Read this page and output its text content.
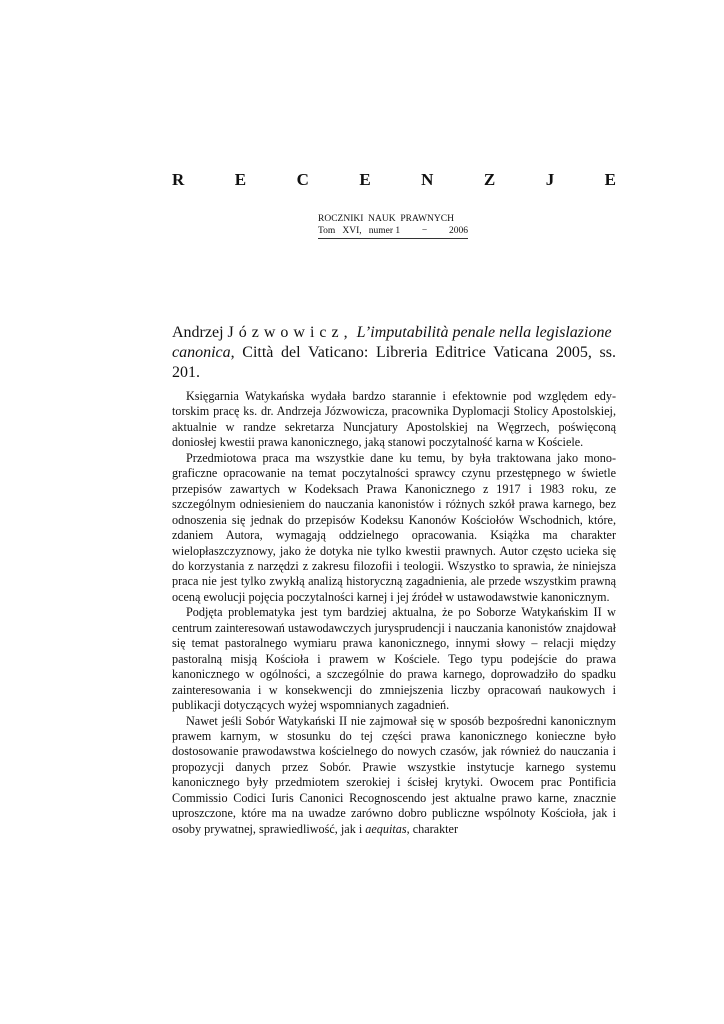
R	E	C	E	N	Z	J	E
ROCZNIKI  NAUK  PRAWNYCH
Tom   XVI,   numer 1 − 2006
Andrzej Józwowicz, L’imputabilità penale nella legislazione
canonica, Città del Vaticano: Libreria Editrice Vaticana 2005, ss. 201.

Księgarnia Watykańska wydała bardzo starannie i efektownie pod względem edytorskim pracę ks. dr. Andrzeja Józwowicza, pracownika Dyplomacji Stolicy Apostolskiej, aktualnie w randze sekretarza Nuncjatury Apostolskiej na Węgrzech, poświęconą doniosłej kwestii prawa kanonicznego, jaką stanowi poczytalność karna w Kościele.

Przedmiotowa praca ma wszystkie dane ku temu, by była traktowana jako monograficzne opracowanie na temat poczytalności sprawcy czynu przestępnego w świetle przepisów zawartych w Kodeksach Prawa Kanonicznego z 1917 i 1983 roku, ze szczególnym odniesieniem do nauczania kanonistów i różnych szkół prawa karnego, bez odnoszenia się jednak do przepisów Kodeksu Kanonów Kościołów Wschodnich, które, zdaniem Autora, wymagają oddzielnego opracowania. Książka ma charakter wielopłaszczyznowy, jako że dotyka nie tylko kwestii prawnych. Autor często ucieka się do korzystania z narzędzi z zakresu filozofii i teologii. Wszystko to sprawia, że niniejsza praca nie jest tylko zwykłą analizą historyczną zagadnienia, ale przede wszystkim prawną oceną ewolucji pojęcia poczytalności karnej i jej źródeł w ustawodawstwie kanonicznym.

Podjęta problematyka jest tym bardziej aktualna, że po Soborze Watykańskim II w centrum zainteresowań ustawodawczych jurysprudencji i nauczania kanonistów znajdował się temat pastoralnego wymiaru prawa kanonicznego, innymi słowy – relacji między pastoralną misją Kościoła i prawem w Kościele. Tego typu podejście do prawa kanonicznego w ogólności, a szczególnie do prawa karnego, doprowadziło do spadku zainteresowania i w konsekwencji do zmniejszenia liczby opracowań naukowych i publikacji dotyczących wyżej wspomnianych zagadnień.

Nawet jeśli Sobór Watykański II nie zajmował się w sposób bezpośredni kanonicznym prawem karnym, w stosunku do tej części prawa kanonicznego konieczne było dostosowanie prawodawstwa kościelnego do nowych czasów, jak również do nauczania i propozycji danych przez Sobór. Prawie wszystkie instytucje karnego systemu kanonicznego były przedmiotem szerokiej i ścisłej krytyki. Owocem prac Pontificia Commissio Codici Iuris Canonici Recognoscendo jest aktualne prawo karne, znacznie uproszczone, które ma na uwadze zarówno dobro publiczne wspólnoty Kościoła, jak i osoby prywatnej, sprawiedliwość, jak i aequitas, charakter
